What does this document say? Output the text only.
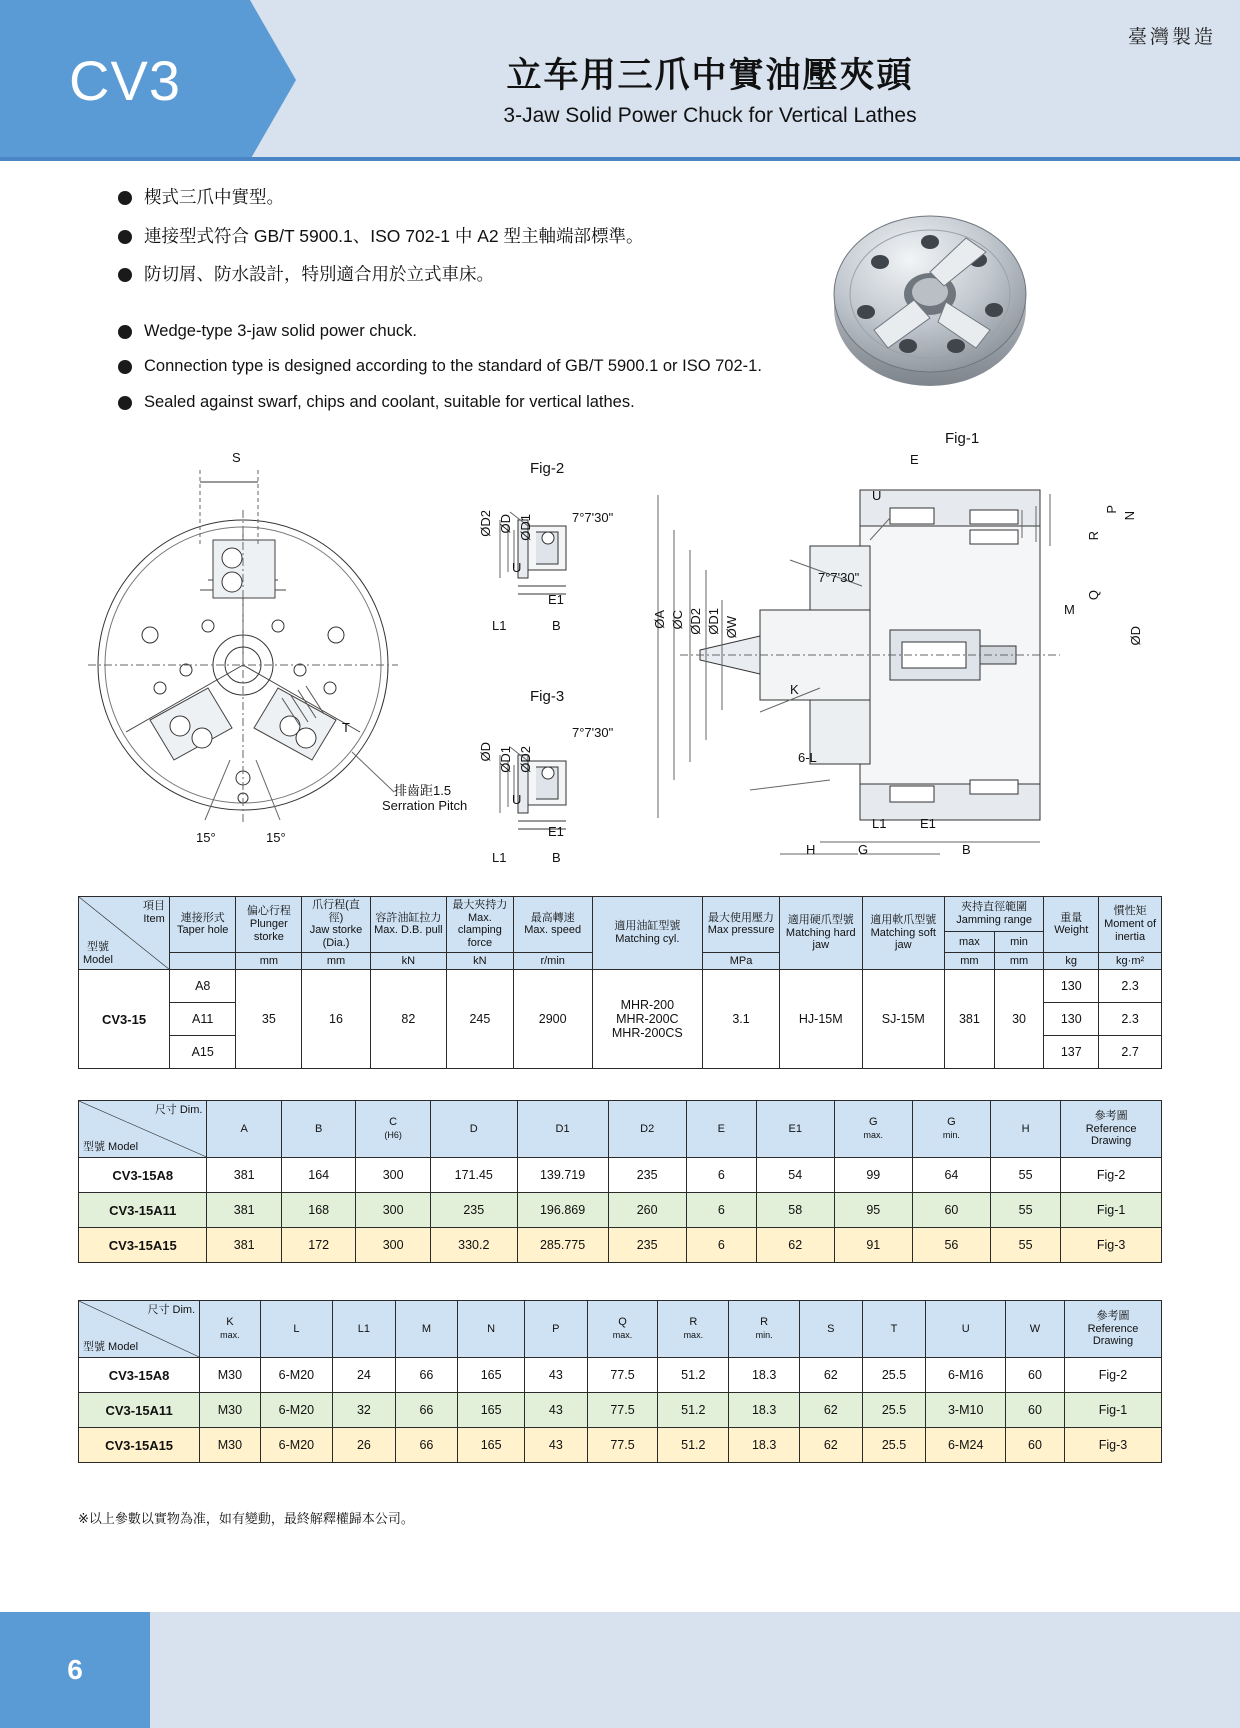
CV3
臺灣製造
立车用三爪中實油壓夾頭
3-Jaw Solid Power Chuck for Vertical Lathes
楔式三爪中實型。
連接型式符合 GB/T 5900.1、ISO 702-1 中 A2 型主軸端部標準。
防切屑、防水設計，特別適合用於立式車床。
Wedge-type 3-jaw solid power chuck.
Connection type is designed according to the standard of GB/T 5900.1 or ISO 702-1.
Sealed against swarf, chips and coolant, suitable for vertical lathes.
S
T
15°	15°
排齒距1.5
Serration Pitch
Fig-2
Fig-3
Fig-1
7°7'30"
7°7'30"
7°7'30"
ØD2 ØD ØD1
U
E1
L1	B
ØD ØD1 ØD2
U
E1
L1	B
ØA ØC ØD2 ØD1 ØW	ØD
E
U
M
K
P
N
R
Q
6-L
H	G	B
L1	E1
項目
Item
型號
Model	連接形式
Taper hole	偏心行程
Plunger storke	爪行程(直徑)
Jaw storke (Dia.)	容許油缸拉力
Max. D.B. pull	最大夾持力
Max. clamping force	最高轉速
Max. speed	適用油缸型號
Matching cyl.	最大使用壓力
Max pressure	適用硬爪型號
Matching hard jaw	適用軟爪型號
Matching soft jaw	夾持直徑範圍
Jamming range		重量
Weight	慣性矩
Moment of inertia
											max	min		
		mm	mm	kN	kN	r/min		MPa			mm	mm	kg	kg·m²
CV3-15	A8	35	16	82	245	2900	MHR-200
MHR-200C
MHR-200CS	3.1	HJ-15M	SJ-15M	381	30	130	2.3
	A11												130	2.3
	A15												137	2.7
尺寸 Dim.
型號 Model	A	B	C
(H6)	D	D1	D2	E	E1	G
max.	G
min.	H	參考圖
Reference
Drawing
CV3-15A8	381	164	300	171.45	139.719	235	6	54	99	64	55	Fig-2
CV3-15A11	381	168	300	235	196.869	260	6	58	95	60	55	Fig-1
CV3-15A15	381	172	300	330.2	285.775	235	6	62	91	56	55	Fig-3
尺寸 Dim.
型號 Model	K
max.	L	L1	M	N	P	Q
max.	R
max.	R
min.	S	T	U	W	參考圖
Reference
Drawing
CV3-15A8	M30	6-M20	24	66	165	43	77.5	51.2	18.3	62	25.5	6-M16	60	Fig-2
CV3-15A11	M30	6-M20	32	66	165	43	77.5	51.2	18.3	62	25.5	3-M10	60	Fig-1
CV3-15A15	M30	6-M20	26	66	165	43	77.5	51.2	18.3	62	25.5	6-M24	60	Fig-3
※以上參數以實物為准，如有變動，最終解釋權歸本公司。
6
